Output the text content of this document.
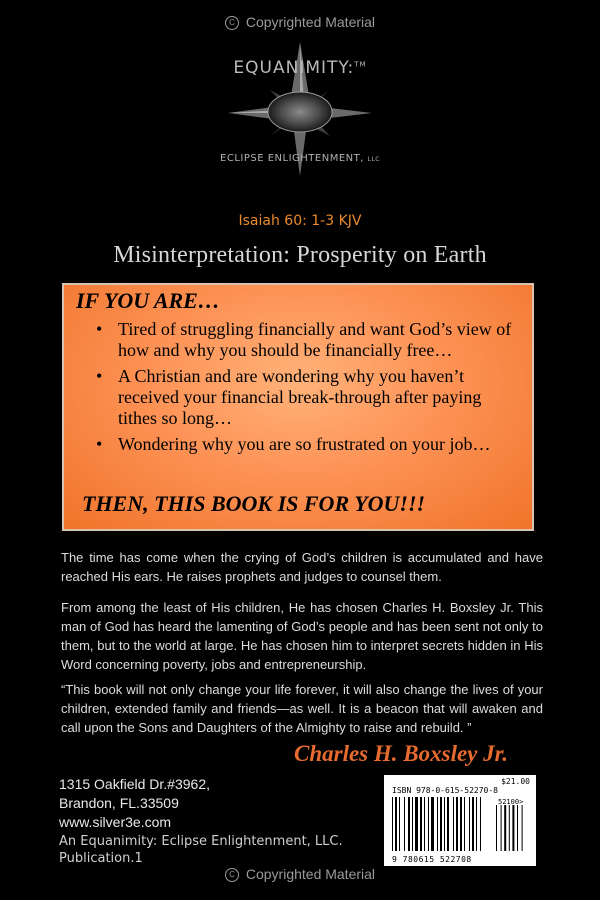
C Copyrighted Material
EQUANIMITY:™
ECLIPSE ENLIGHTENMENT, LLC
Isaiah 60: 1-3 KJV
Misinterpretation: Prosperity on Earth
IF YOU ARE…
• Tired of struggling financially and want God’s view of how and why you should be financially free…
• A Christian and are wondering why you haven’t received your financial break-through after paying tithes so long…
• Wondering why you are so frustrated on your job…
THEN, THIS BOOK IS FOR YOU!!!

The time has come when the crying of God’s children is accumulated and have reached His ears. He raises prophets and judges to counsel them.

From among the least of His children, He has chosen Charles H. Boxsley Jr. This man of God has heard the lamenting of God’s people and has been sent not only to them, but to the world at large. He has chosen him to interpret secrets hidden in His Word concerning poverty, jobs and entrepreneurship.

“This book will not only change your life forever, it will also change the lives of your children, extended family and friends—as well. It is a beacon that will awaken and call upon the Sons and Daughters of the Almighty to raise and rebuild. ”

Charles H. Boxsley Jr.
1315 Oakfield Dr.#3962,
Brandon, FL.33509
www.silver3e.com
An Equanimity: Eclipse Enlightenment, LLC.
Publication.1
$21.00
ISBN 978-0-615-52270-8
52100>
9 780615 522708
C Copyrighted Material
